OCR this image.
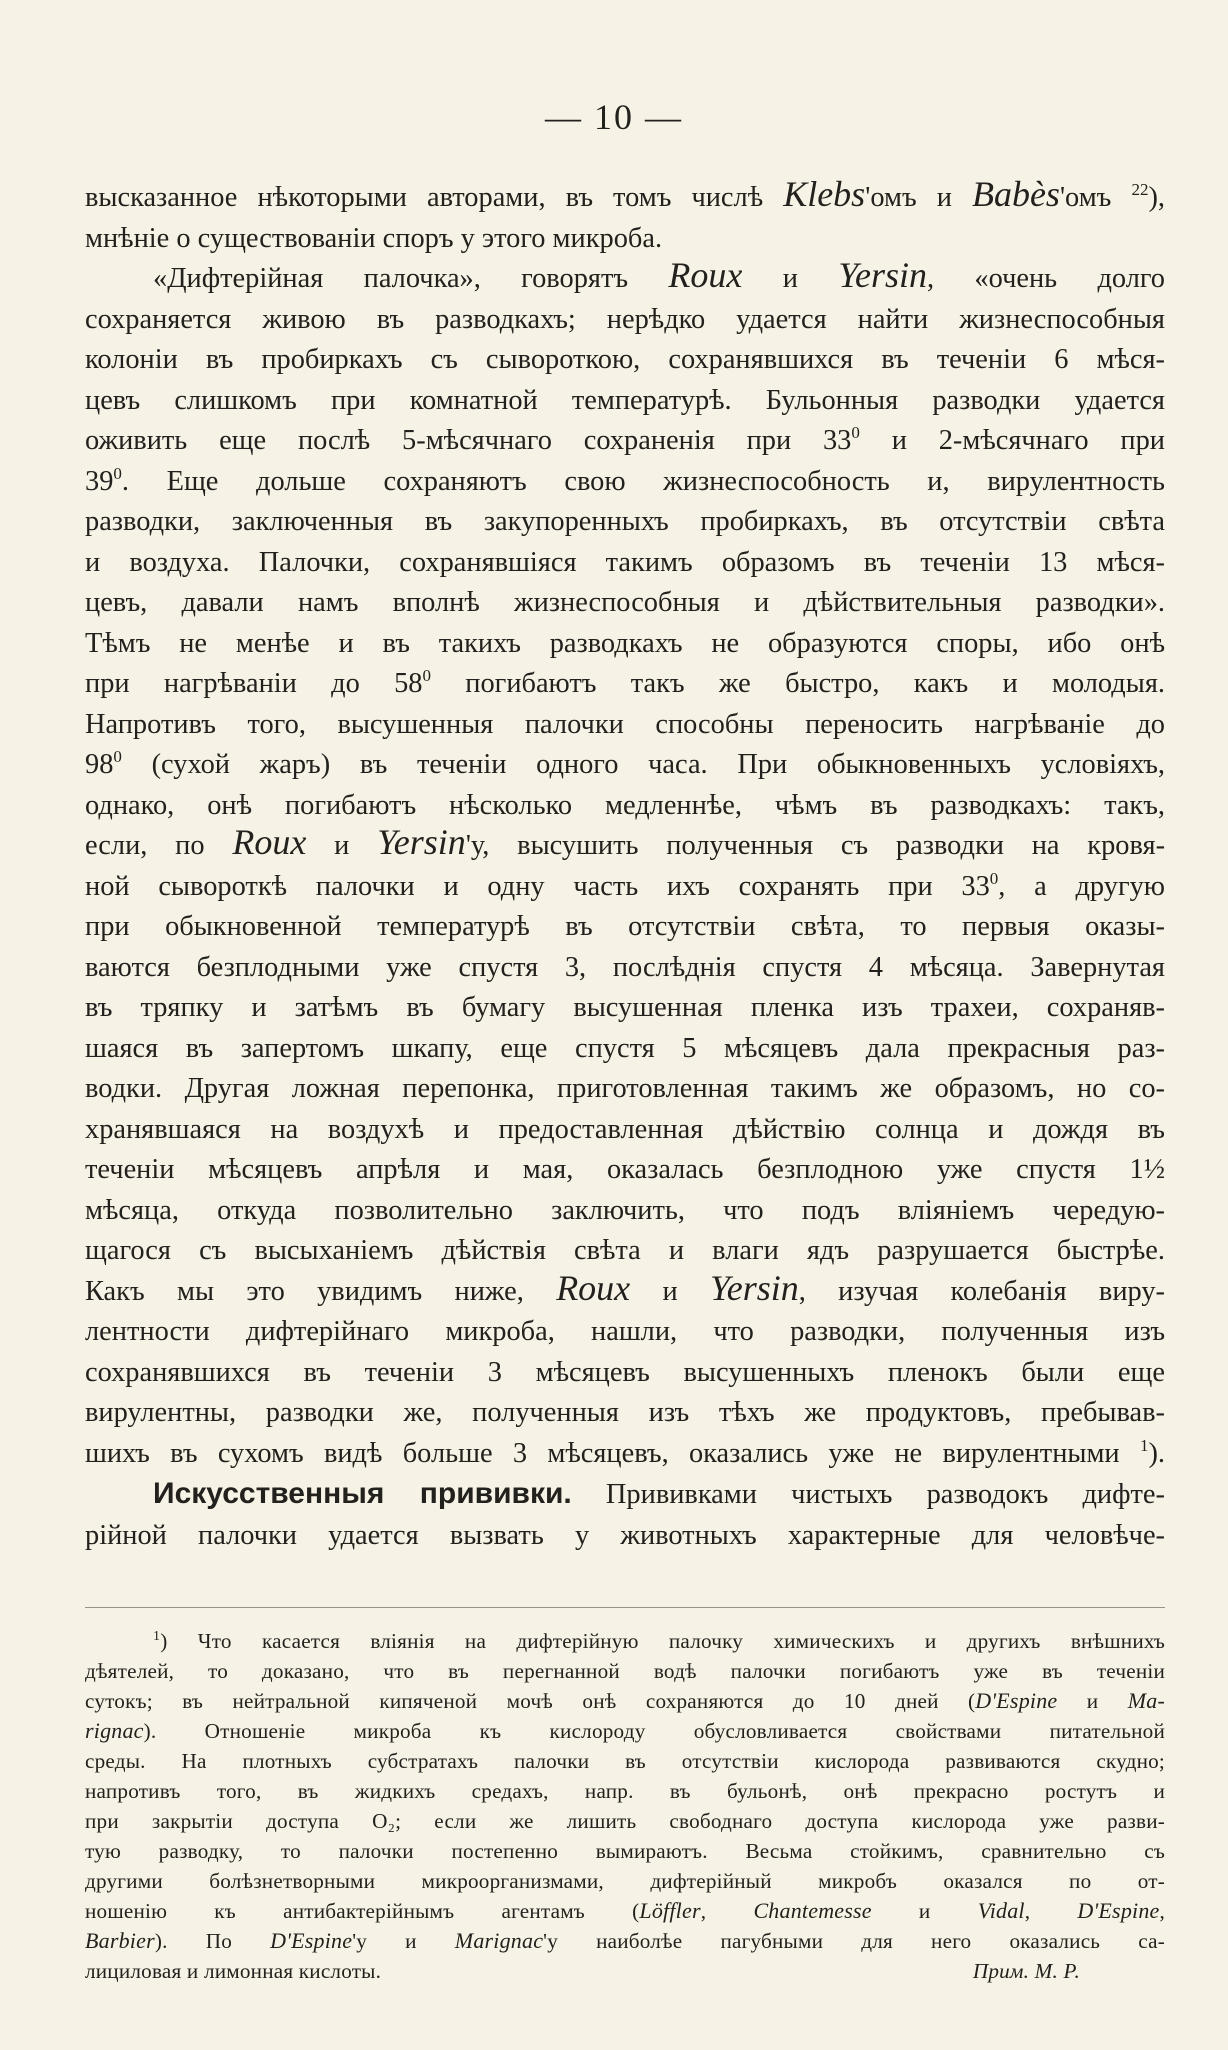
— 10 —
высказанное нѣкоторыми авторами, въ томъ числѣ Klebs'омъ и Babès'омъ $^{22}$),
мнѣніе о существованіи споръ у этого микроба.
«Дифтерійная палочка», говорятъ Roux и Yersin, «очень долго
сохраняется живою въ разводкахъ; нерѣдко удается найти жизнеспособныя
колоніи въ пробиркахъ съ сывороткою, сохранявшихся въ теченіи 6 мѣся-
цевъ слишкомъ при комнатной температурѣ. Бульонныя разводки удается
оживить еще послѣ 5-мѣсячнаго сохраненія при $33^0$ и 2-мѣсячнаго при
$39^0$. Еще дольше сохраняютъ свою жизнеспособность и, вирулентность
разводки, заключенныя въ закупоренныхъ пробиркахъ, въ отсутствіи свѣта
и воздуха. Палочки, сохранявшіяся такимъ образомъ въ теченіи 13 мѣся-
цевъ, давали намъ вполнѣ жизнеспособныя и дѣйствительныя разводки».
Тѣмъ не менѣе и въ такихъ разводкахъ не образуются споры, ибо онѣ
при нагрѣваніи до $58^0$ погибаютъ такъ же быстро, какъ и молодыя.
Напротивъ того, высушенныя палочки способны переносить нагрѣваніе до
$98^0$ (сухой жаръ) въ теченіи одного часа. При обыкновенныхъ условіяхъ,
однако, онѣ погибаютъ нѣсколько медленнѣе, чѣмъ въ разводкахъ: такъ,
если, по Roux и Yersin'у, высушить полученныя съ разводки на кровя-
ной сывороткѣ палочки и одну часть ихъ сохранять при $33^0$, а другую
при обыкновенной температурѣ въ отсутствіи свѣта, то первыя оказы-
ваются безплодными уже спустя 3, послѣднія спустя 4 мѣсяца. Завернутая
въ тряпку и затѣмъ въ бумагу высушенная пленка изъ трахеи, сохраняв-
шаяся въ запертомъ шкапу, еще спустя 5 мѣсяцевъ дала прекрасныя раз-
водки. Другая ложная перепонка, приготовленная такимъ же образомъ, но со-
хранявшаяся на воздухѣ и предоставленная дѣйствію солнца и дождя въ
теченіи мѣсяцевъ апрѣля и мая, оказалась безплодною уже спустя 1½
мѣсяца, откуда позволительно заключить, что подъ вліяніемъ чередую-
щагося съ высыханіемъ дѣйствія свѣта и влаги ядъ разрушается быстрѣе.
Какъ мы это увидимъ ниже, Roux и Yersin, изучая колебанія виру-
лентности дифтерійнаго микроба, нашли, что разводки, полученныя изъ
сохранявшихся въ теченіи 3 мѣсяцевъ высушенныхъ пленокъ были еще
вирулентны, разводки же, полученныя изъ тѣхъ же продуктовъ, пребывав-
шихъ въ сухомъ видѣ больше 3 мѣсяцевъ, оказались уже не вирулентными $^1$).
Искусственныя прививки. Прививками чистыхъ разводокъ дифте-
рійной палочки удается вызвать у животныхъ характерные для человѣче-
$^1$) Что касается вліянія на дифтерійную палочку химическихъ и другихъ внѣшнихъ
дѣятелей, то доказано, что въ перегнанной водѣ палочки погибаютъ уже въ теченіи
сутокъ; въ нейтральной кипяченой мочѣ онѣ сохраняются до 10 дней (D'Espine и Ma-
rignac). Отношеніе микроба къ кислороду обусловливается свойствами питательной
среды. На плотныхъ субстратахъ палочки въ отсутствіи кислорода развиваются скудно;
напротивъ того, въ жидкихъ средахъ, напр. въ бульонѣ, онѣ прекрасно ростутъ и
при закрытіи доступа O₂; если же лишить свободнаго доступа кислорода уже разви-
тую разводку, то палочки постепенно вымираютъ. Весьма стойкимъ, сравнительно съ
другими болѣзнетворными микроорганизмами, дифтерійный микробъ оказался по от-
ношенію къ антибактерійнымъ агентамъ (Löffler, Chantemesse и Vidal, D'Espine,
Barbier). По D'Espine'у и Marignac'у наиболѣе пагубными для него оказались са-
лициловая и лимонная кислоты.	Прим. М. Р.
